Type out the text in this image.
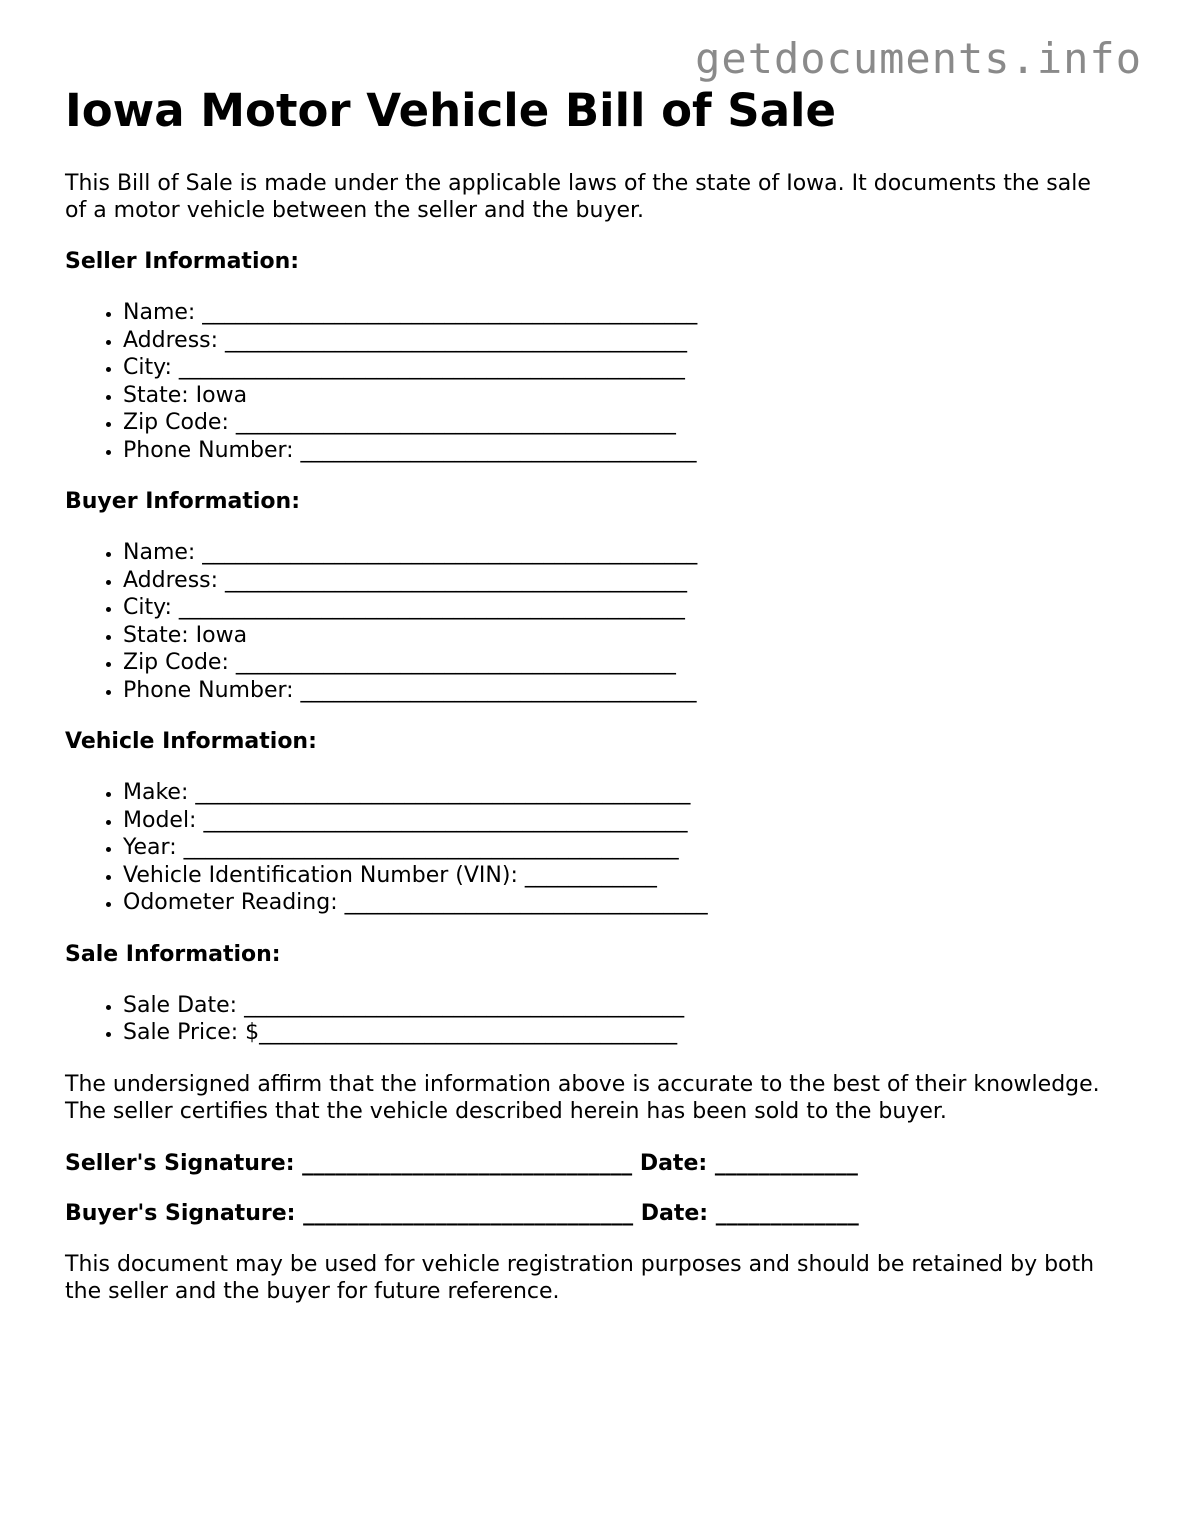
getdocuments.info
Iowa Motor Vehicle Bill of Sale

This Bill of Sale is made under the applicable laws of the state of Iowa. It documents the sale of a motor vehicle between the seller and the buyer.

Seller Information:
• Name: _____________________________________________
• Address: __________________________________________
• City: ______________________________________________
• State: Iowa
• Zip Code: ________________________________________
• Phone Number: ____________________________________
Buyer Information:
• Name: _____________________________________________
• Address: __________________________________________
• City: ______________________________________________
• State: Iowa
• Zip Code: ________________________________________
• Phone Number: ____________________________________
Vehicle Information:
• Make: _____________________________________________
• Model: ____________________________________________
• Year: _____________________________________________
• Vehicle Identification Number (VIN): ____________
• Odometer Reading: _________________________________
Sale Information:
• Sale Date: ________________________________________
• Sale Price: $______________________________________

The undersigned affirm that the information above is accurate to the best of their knowledge. The seller certifies that the vehicle described herein has been sold to the buyer.

Seller's Signature: ______________________________ Date: _____________

Buyer's Signature: ______________________________ Date: _____________

This document may be used for vehicle registration purposes and should be retained by both the seller and the buyer for future reference.
